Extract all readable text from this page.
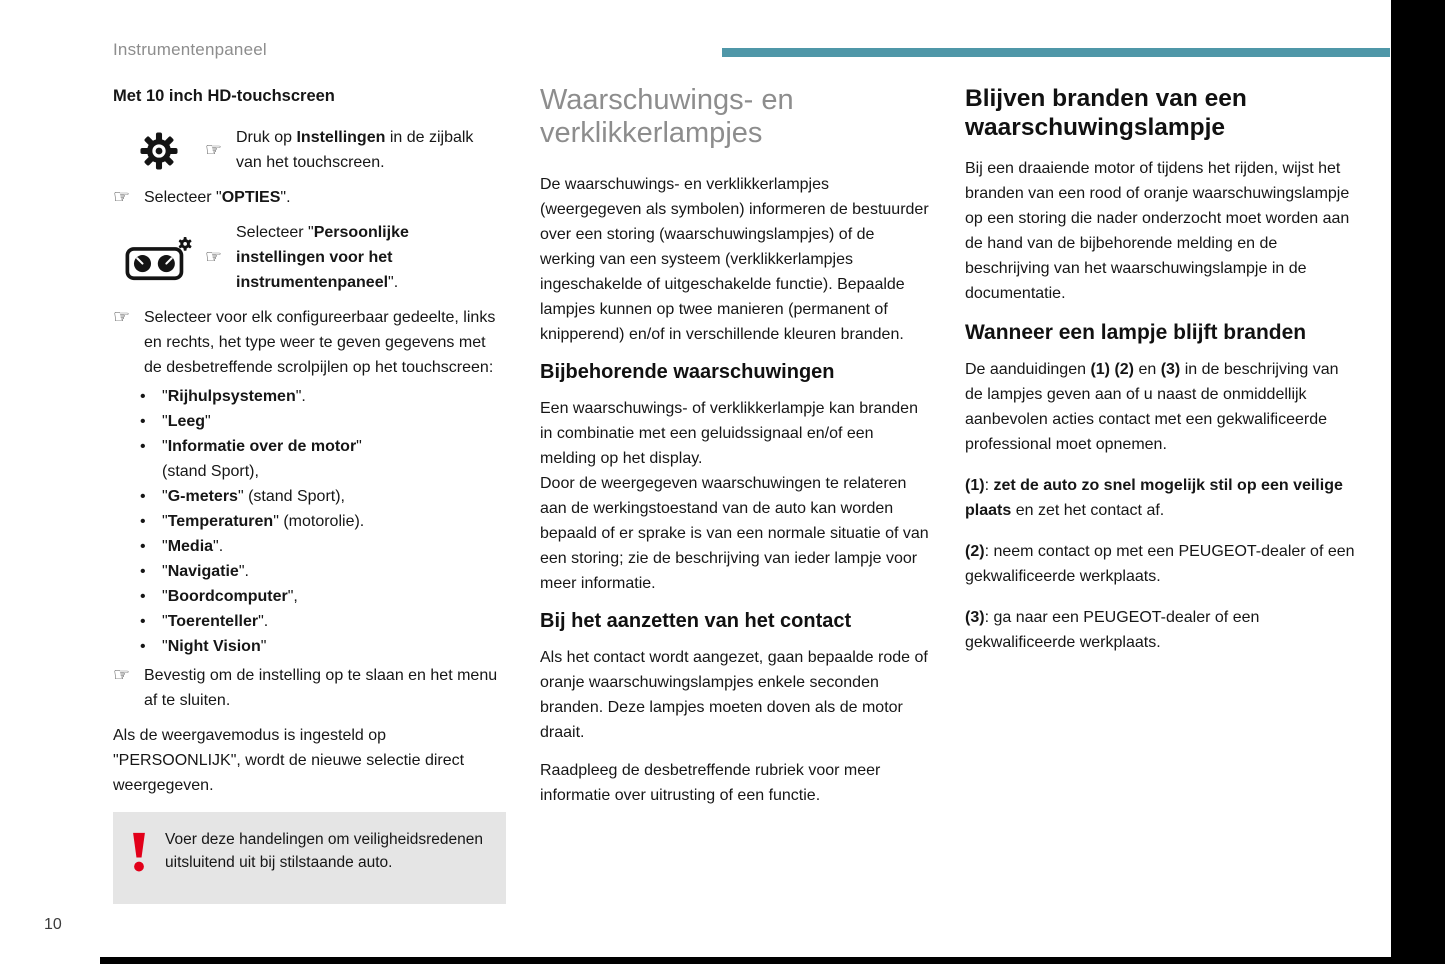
Instrumentenpaneel
10
Met 10 inch HD-touchscreen
☞
Druk op Instellingen in de zijbalk van het touchscreen.
☞ Selecteer "OPTIES".
☞
Selecteer "Persoonlijke instellingen voor het instrumentenpaneel".
☞ Selecteer voor elk configureerbaar gedeelte, links en rechts, het type weer te geven gegevens met de desbetreffende scrolpijlen op het touchscreen:
• "Rijhulpsystemen".
• "Leeg"
• "Informatie over de motor" (stand Sport),
• "G-meters" (stand Sport),
• "Temperaturen" (motorolie).
• "Media".
• "Navigatie".
• "Boordcomputer",
• "Toerenteller".
• "Night Vision"
☞ Bevestig om de instelling op te slaan en het menu af te sluiten.

Als de weergavemodus is ingesteld op "PERSOONLIJK", wordt de nieuwe selectie direct weergegeven.

Voer deze handelingen om veiligheidsredenen uitsluitend uit bij stilstaande auto.
Waarschuwings- en verklikkerlampjes

De waarschuwings- en verklikkerlampjes (weergegeven als symbolen) informeren de bestuurder over een storing (waarschuwingslampjes) of de werking van een systeem (verklikkerlampjes ingeschakelde of uitgeschakelde functie). Bepaalde lampjes kunnen op twee manieren (permanent of knipperend) en/of in verschillende kleuren branden.

Bijbehorende waarschuwingen

Een waarschuwings- of verklikkerlampje kan branden in combinatie met een geluidssignaal en/of een melding op het display.

Door de weergegeven waarschuwingen te relateren aan de werkingstoestand van de auto kan worden bepaald of er sprake is van een normale situatie of van een storing; zie de beschrijving van ieder lampje voor meer informatie.

Bij het aanzetten van het contact

Als het contact wordt aangezet, gaan bepaalde rode of oranje waarschuwingslampjes enkele seconden branden. Deze lampjes moeten doven als de motor draait.

Raadpleeg de desbetreffende rubriek voor meer informatie over uitrusting of een functie.

Blijven branden van een waarschuwingslampje

Bij een draaiende motor of tijdens het rijden, wijst het branden van een rood of oranje waarschuwingslampje op een storing die nader onderzocht moet worden aan de hand van de bijbehorende melding en de beschrijving van het waarschuwingslampje in de documentatie.

Wanneer een lampje blijft branden

De aanduidingen (1) (2) en (3) in de beschrijving van de lampjes geven aan of u naast de onmiddellijk aanbevolen acties contact met een gekwalificeerde professional moet opnemen.

(1): zet de auto zo snel mogelijk stil op een veilige plaats en zet het contact af.

(2): neem contact op met een PEUGEOT-dealer of een gekwalificeerde werkplaats.

(3): ga naar een PEUGEOT-dealer of een gekwalificeerde werkplaats.
